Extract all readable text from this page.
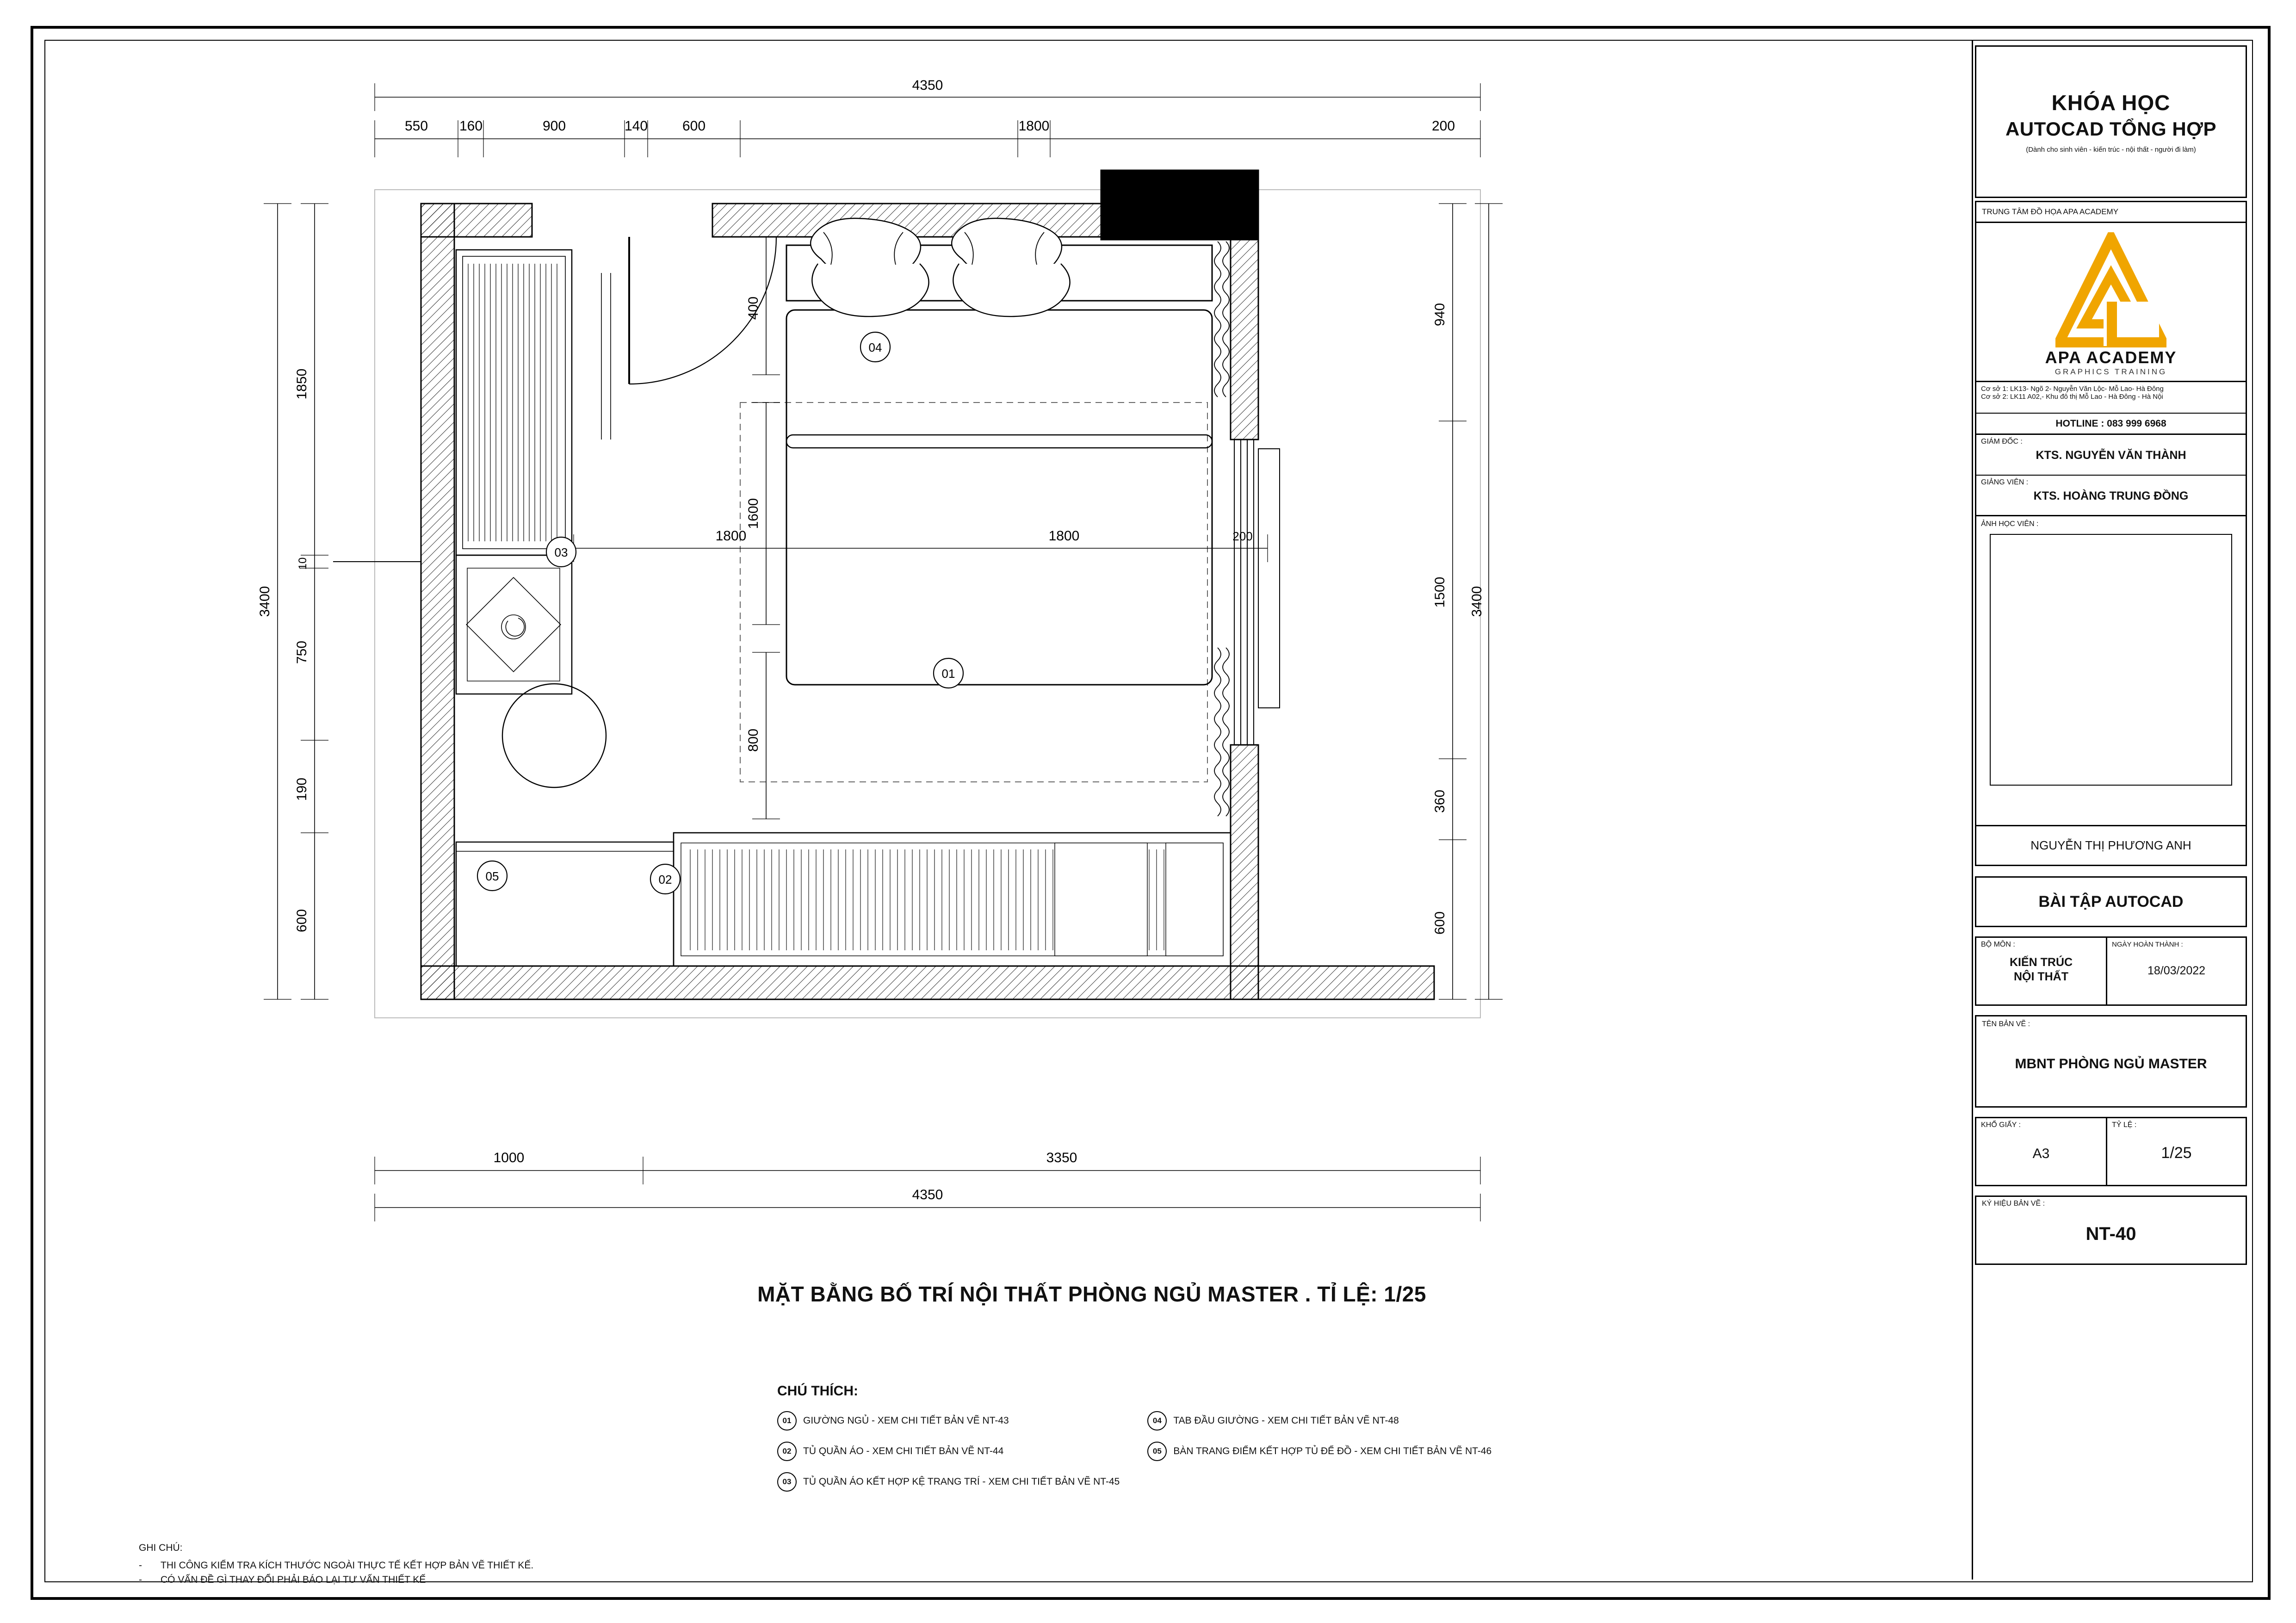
4350
550 160	900	140 600	1800	200
1000	3350
4350
1850
10
750
190
600
3400
940
1500
360
600
3400
400
1600
800
1800	1800	200
01
02
03
04
05
MẶT BẰNG BỐ TRÍ NỘI THẤT PHÒNG NGỦ MASTER . TỈ LỆ: 1/25
CHÚ THÍCH:
01	GIƯỜNG NGỦ - XEM CHI TIẾT BẢN VẼ NT-43
02	TỦ QUẦN ÁO - XEM CHI TIẾT BẢN VẼ NT-44
03	TỦ QUẦN ÁO KẾT HỢP KỆ TRANG TRÍ - XEM CHI TIẾT BẢN VẼ NT-45
04	TAB ĐẦU GIƯỜNG - XEM CHI TIẾT BẢN VẼ NT-48
05	BÀN TRANG ĐIỂM KẾT HỢP TỦ ĐỂ ĐỒ - XEM CHI TIẾT BẢN VẼ NT-46
GHI CHÚ:
- THI CÔNG KIỂM TRA KÍCH THƯỚC NGOÀI THỰC TẾ KẾT HỢP BẢN VẼ THIẾT KẾ.
- CÓ VẤN ĐỀ GÌ THAY ĐỔI PHẢI BÁO LẠI TƯ VẤN THIẾT KẾ
KHÓA HỌC
AUTOCAD TỔNG HỢP
(Dành cho sinh viên - kiến trúc - nội thất - người đi làm)
TRUNG TÂM ĐỒ HỌA APA ACADEMY
APA ACADEMY
GRAPHICS TRAINING
Cơ sở 1: LK13- Ngõ 2- Nguyễn Văn Lộc- Mỗ Lao- Hà Đông
Cơ sở 2: LK11 A02,- Khu đô thị Mỗ Lao - Hà Đông - Hà Nội
HOTLINE : 083 999 6968
GIÁM ĐỐC :
KTS. NGUYỄN VĂN THÀNH
GIẢNG VIÊN :
KTS. HOÀNG TRUNG ĐỒNG
ẢNH HỌC VIÊN :
NGUYỄN THỊ PHƯƠNG ANH
BÀI TẬP AUTOCAD
BỘ MÔN :
KIẾN TRÚC
NỘI THẤT
NGÀY HOÀN THÀNH :
18/03/2022
TÊN BẢN VẼ :
MBNT PHÒNG NGỦ MASTER
KHỔ GIẤY :
A3
TỶ LỆ :
1/25
KÝ HIỆU BẢN VẼ :
NT-40
